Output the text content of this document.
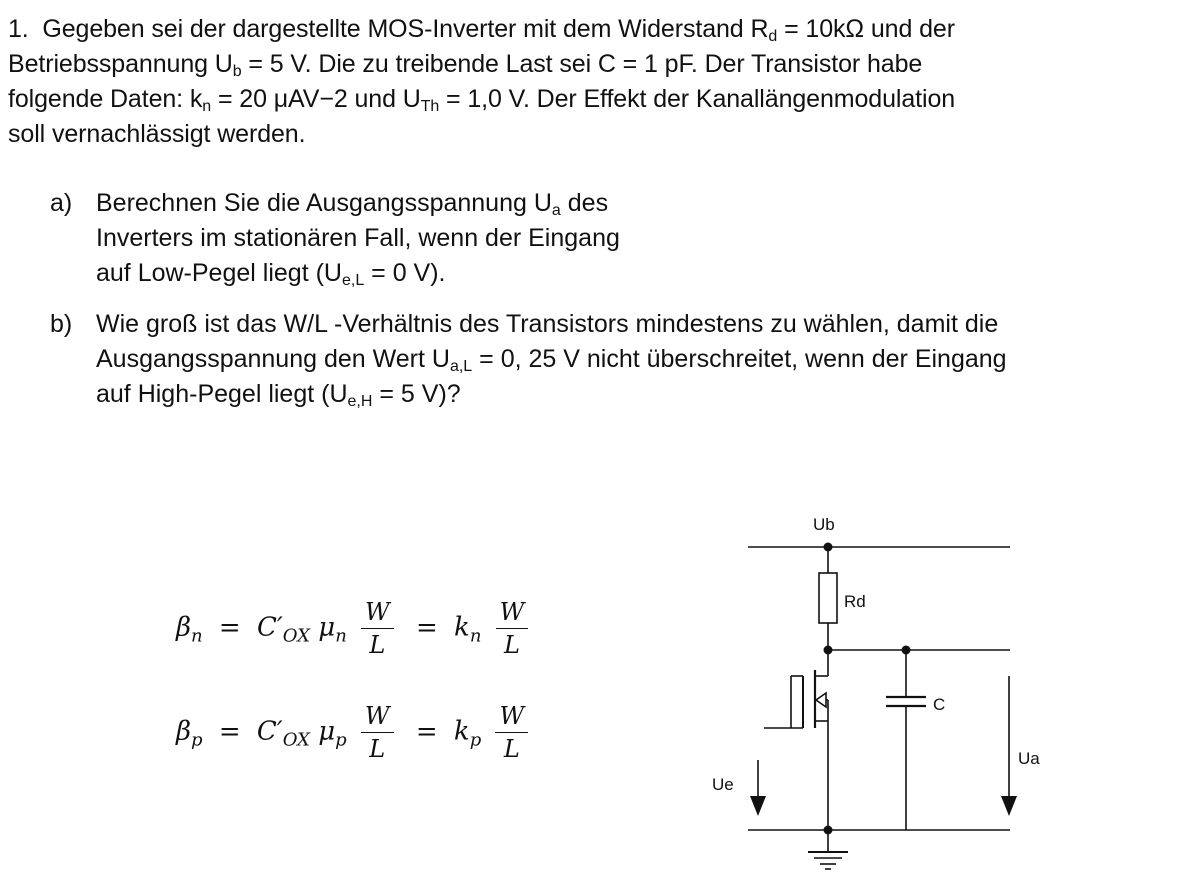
1. Gegeben sei der dargestellte MOS-Inverter mit dem Widerstand $R_d = 10k\Omega$ und der
Betriebsspannung $U_b = 5$ V. Die zu treibende Last sei C = 1 pF. Der Transistor habe
folgende Daten: $k_n = 20$ μAV−2 und $U_{Th} = 1,0$ V. Der Effekt der Kanallängenmodulation
soll vernachlässigt werden.
a) Berechnen Sie die Ausgangsspannung $U_a$ des
Inverters im stationären Fall, wenn der Eingang
auf Low-Pegel liegt ($U_{e,L} = 0$ V).
b) Wie groß ist das W/L -Verhältnis des Transistors mindestens zu wählen, damit die
Ausgangsspannung den Wert $U_{a,L} = 0$, 25 V nicht überschreitet, wenn der Eingang
auf High-Pegel liegt ($U_{e,H} = 5$ V)?
$\beta_n = C'_{OX}$ $\mu_n \frac{W}{L} = k_n \frac{W}{L}$
$\beta_p = C'_{OX}$ $\mu_p \frac{W}{L} = k_p \frac{W}{L}$
Ub
Rd
C
Ue
Ua
